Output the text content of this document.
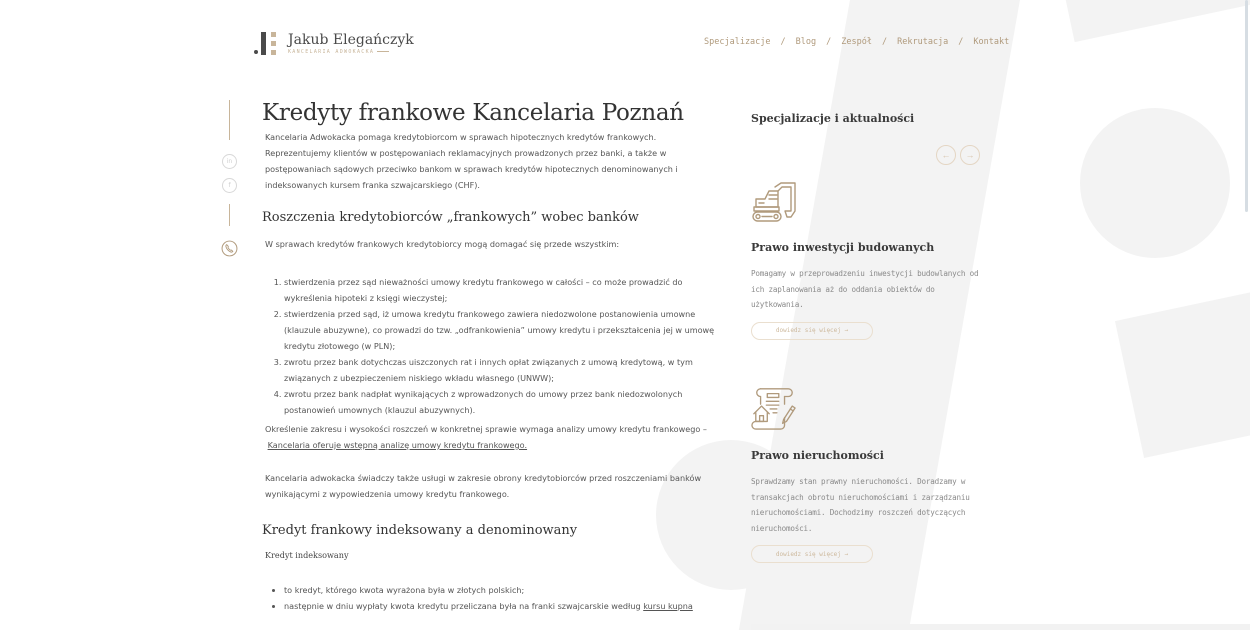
Jakub Elegańczyk
KANCELARIA ADWOKACKA
Specjalizacje / Blog / Zespół / Rekrutacja / Kontakt
in
f
Kredyty frankowe Kancelaria Poznań

Kancelaria Adwokacka pomaga kredytobiorcom w sprawach hipotecznych kredytów frankowych. Reprezentujemy klientów w postępowaniach reklamacyjnych prowadzonych przez banki, a także w postępowaniach sądowych przeciwko bankom w sprawach kredytów hipotecznych denominowanych i indeksowanych kursem franka szwajcarskiego (CHF).

Roszczenia kredytobiorców „frankowych” wobec banków

W sprawach kredytów frankowych kredytobiorcy mogą domagać się przede wszystkim:

1. stwierdzenia przez sąd nieważności umowy kredytu frankowego w całości – co może prowadzić do wykreślenia hipoteki z księgi wieczystej;
2. stwierdzenia przed sąd, iż umowa kredytu frankowego zawiera niedozwolone postanowienia umowne (klauzule abuzywne), co prowadzi do tzw. „odfrankowienia” umowy kredytu i przekształcenia jej w umowę kredytu złotowego (w PLN);
3. zwrotu przez bank dotychczas uiszczonych rat i innych opłat związanych z umową kredytową, w tym związanych z ubezpieczeniem niskiego wkładu własnego (UNWW);
4. zwrotu przez bank nadpłat wynikających z wprowadzonych do umowy przez bank niedozwolonych postanowień umownych (klauzul abuzywnych).

Określenie zakresu i wysokości roszczeń w konkretnej sprawie wymaga analizy umowy kredytu frankowego –
Kancelaria oferuje wstępną analizę umowy kredytu frankowego.

Kancelaria adwokacka świadczy także usługi w zakresie obrony kredytobiorców przed roszczeniami banków wynikającymi z wypowiedzenia umowy kredytu frankowego.

Kredyt frankowy indeksowany a denominowany
Kredyt indeksowany
• to kredyt, którego kwota wyrażona była w złotych polskich;
• następnie w dniu wypłaty kwota kredytu przeliczana była na franki szwajcarskie według kursu kupna
Specjalizacje i aktualności
←	→
Prawo inwestycji budowanych
Pomagamy w przeprowadzeniu inwestycji budowlanych od ich zaplanowania aż do oddania obiektów do użytkowania.
dowiedz się więcej →
Prawo nieruchomości
Sprawdzamy stan prawny nieruchomości. Doradzamy w transakcjach obrotu nieruchomościami i zarządzaniu nieruchomościami. Dochodzimy roszczeń dotyczących nieruchomości.
dowiedz się więcej →
